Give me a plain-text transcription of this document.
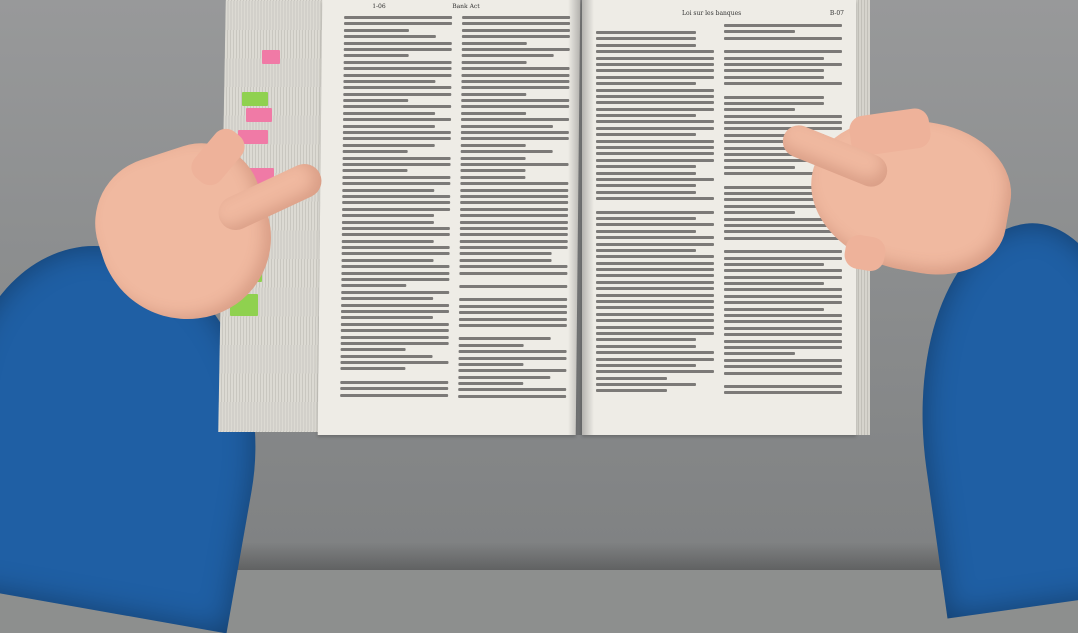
1-06	Bank Act
Loi sur les banques	B-07
